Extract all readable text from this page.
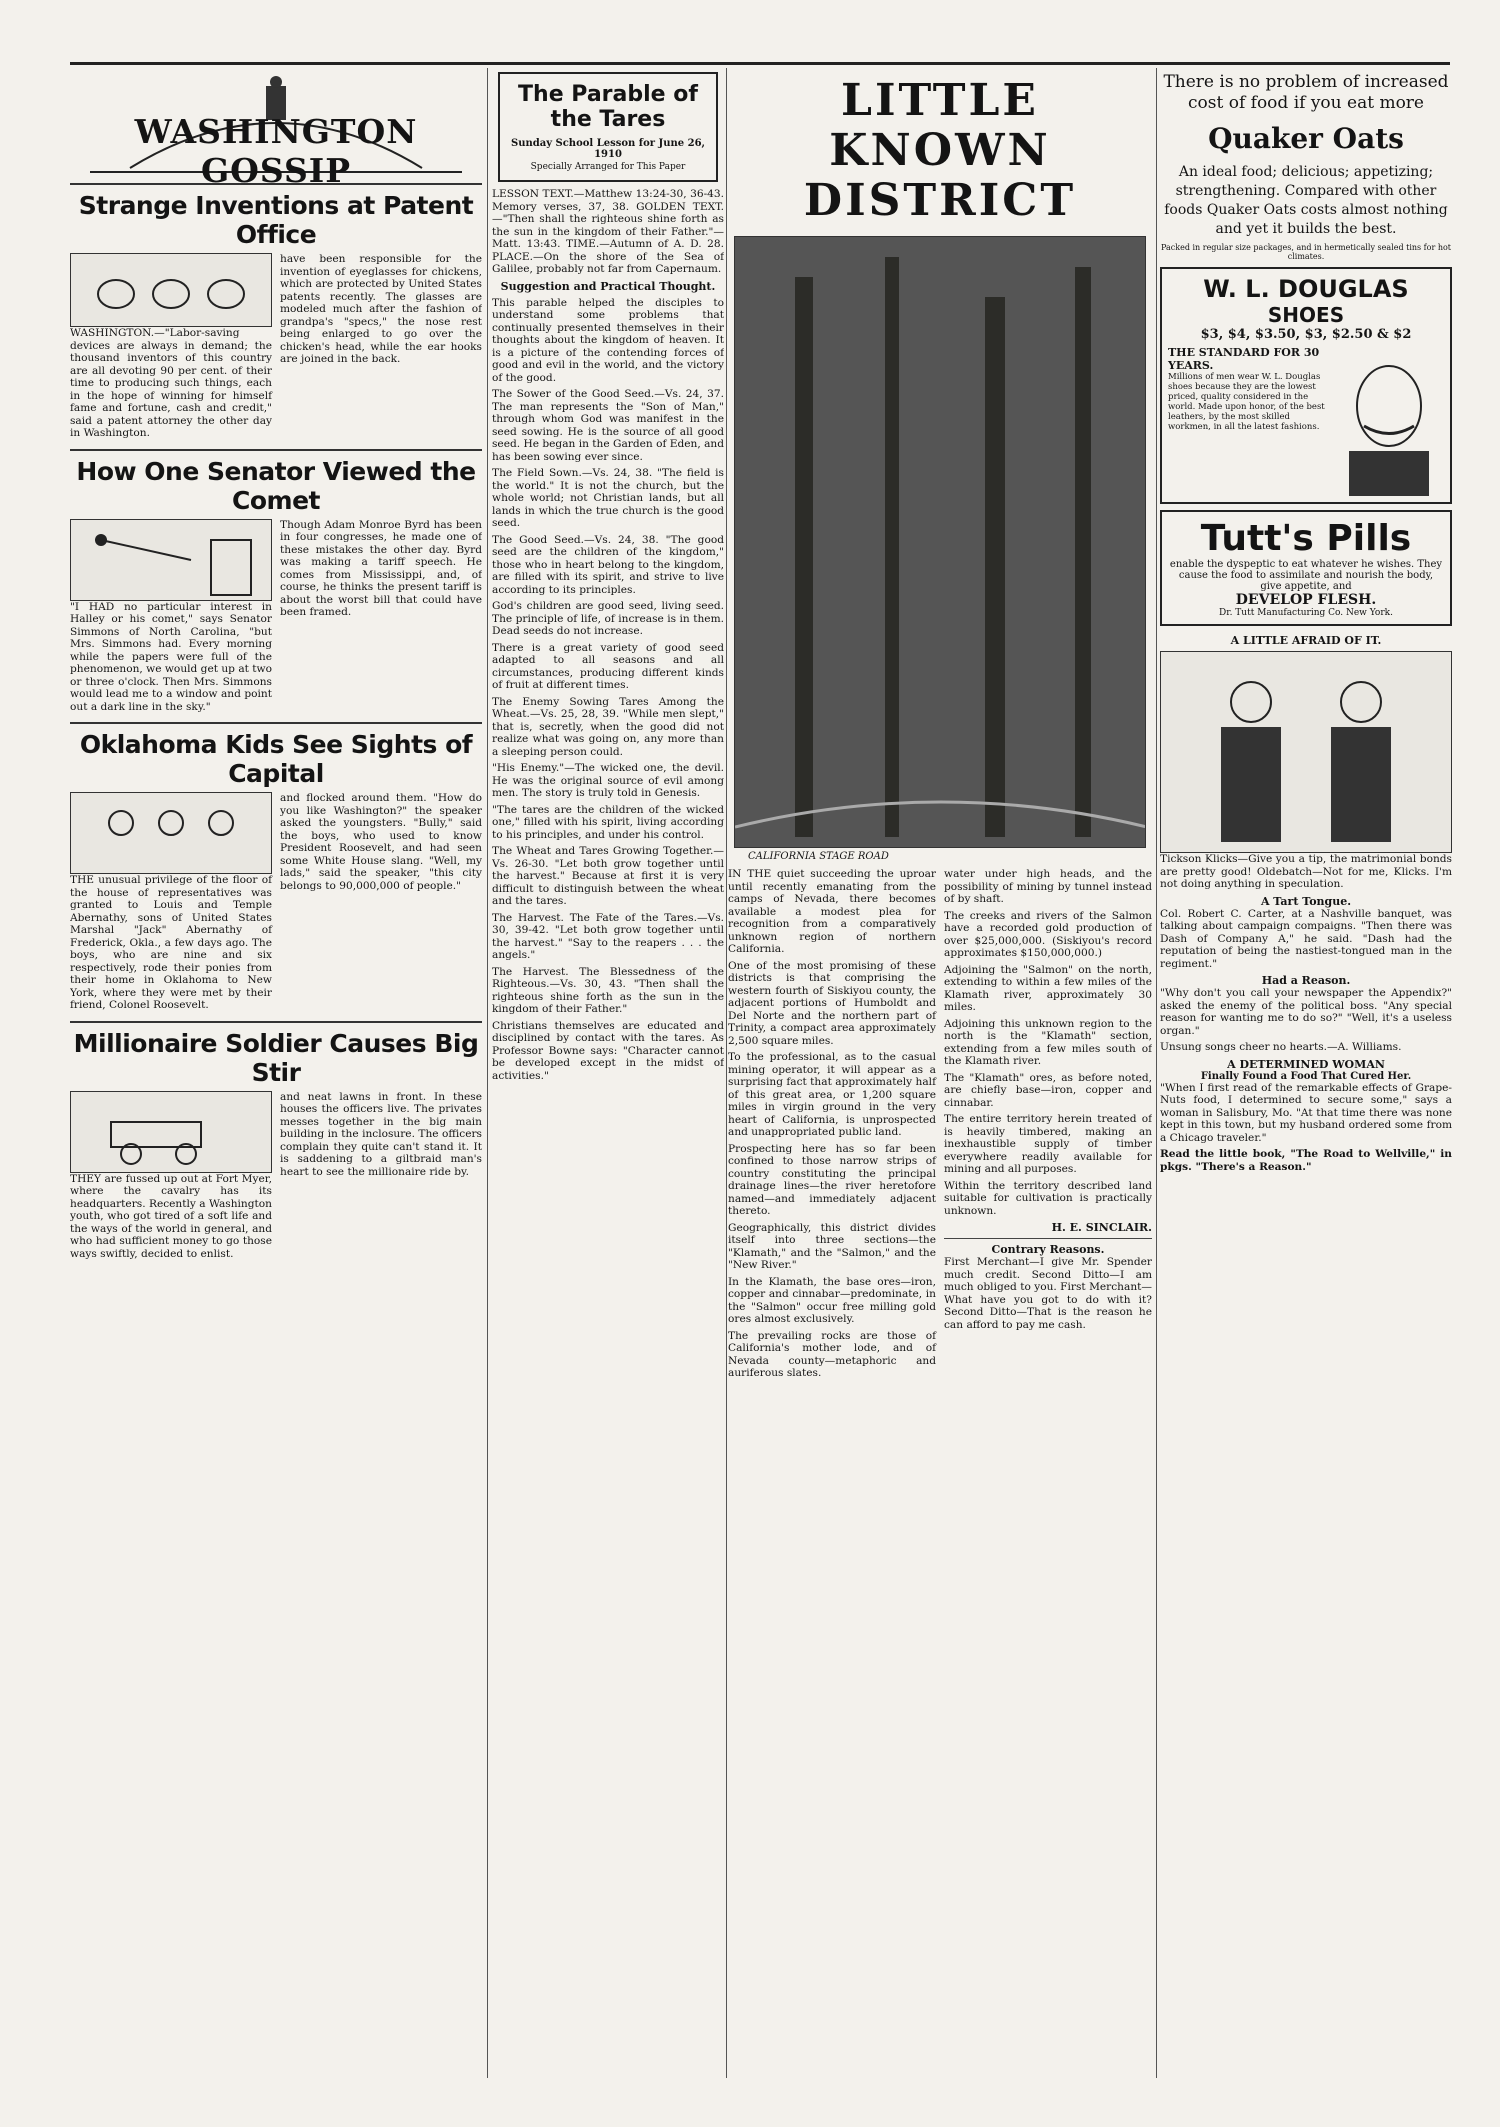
WASHINGTON GOSSIP
Strange Inventions at Patent Office

WASHINGTON.—"Labor-saving devices are always in demand; the thousand inventors of this country are all devoting 90 per cent. of their time to producing such things, each in the hope of winning for himself fame and fortune, cash and credit," said a patent attorney the other day in Washington.

have been responsible for the invention of eyeglasses for chickens, which are protected by United States patents recently. The glasses are modeled much after the fashion of grandpa's "specs," the nose rest being enlarged to go over the chicken's head, while the ear hooks are joined in the back.

How One Senator Viewed the Comet

"I HAD no particular interest in Halley or his comet," says Senator Simmons of North Carolina, "but Mrs. Simmons had. Every morning while the papers were full of the phenomenon, we would get up at two or three o'clock. Then Mrs. Simmons would lead me to a window and point out a dark line in the sky."

Though Adam Monroe Byrd has been in four congresses, he made one of these mistakes the other day. Byrd was making a tariff speech. He comes from Mississippi, and, of course, he thinks the present tariff is about the worst bill that could have been framed.

Oklahoma Kids See Sights of Capital

THE unusual privilege of the floor of the house of representatives was granted to Louis and Temple Abernathy, sons of United States Marshal "Jack" Abernathy of Frederick, Okla., a few days ago. The boys, who are nine and six respectively, rode their ponies from their home in Oklahoma to New York, where they were met by their friend, Colonel Roosevelt.

and flocked around them. "How do you like Washington?" the speaker asked the youngsters. "Bully," said the boys, who used to know President Roosevelt, and had seen some White House slang. "Well, my lads," said the speaker, "this city belongs to 90,000,000 of people."

Millionaire Soldier Causes Big Stir

THEY are fussed up out at Fort Myer, where the cavalry has its headquarters. Recently a Washington youth, who got tired of a soft life and the ways of the world in general, and who had sufficient money to go those ways swiftly, decided to enlist.

and neat lawns in front. In these houses the officers live. The privates messes together in the big main building in the inclosure. The officers complain they quite can't stand it. It is saddening to a giltbraid man's heart to see the millionaire ride by.

The Parable of the Tares
Sunday School Lesson for June 26, 1910
Specially Arranged for This Paper

LESSON TEXT.—Matthew 13:24-30, 36-43. Memory verses, 37, 38. GOLDEN TEXT.—"Then shall the righteous shine forth as the sun in the kingdom of their Father."—Matt. 13:43. TIME.—Autumn of A. D. 28. PLACE.—On the shore of the Sea of Galilee, probably not far from Capernaum.

Suggestion and Practical Thought.

This parable helped the disciples to understand some problems that continually presented themselves in their thoughts about the kingdom of heaven. It is a picture of the contending forces of good and evil in the world, and the victory of the good.

The Sower of the Good Seed.—Vs. 24, 37. The man represents the "Son of Man," through whom God was manifest in the seed sowing. He is the source of all good seed. He began in the Garden of Eden, and has been sowing ever since.

The Field Sown.—Vs. 24, 38. "The field is the world." It is not the church, but the whole world; not Christian lands, but all lands in which the true church is the good seed.

The Good Seed.—Vs. 24, 38. "The good seed are the children of the kingdom," those who in heart belong to the kingdom, are filled with its spirit, and strive to live according to its principles.

God's children are good seed, living seed. The principle of life, of increase is in them. Dead seeds do not increase.

There is a great variety of good seed adapted to all seasons and all circumstances, producing different kinds of fruit at different times.

The Enemy Sowing Tares Among the Wheat.—Vs. 25, 28, 39. "While men slept," that is, secretly, when the good did not realize what was going on, any more than a sleeping person could.

"His Enemy."—The wicked one, the devil. He was the original source of evil among men. The story is truly told in Genesis.

"The tares are the children of the wicked one," filled with his spirit, living according to his principles, and under his control.

The Wheat and Tares Growing Together.—Vs. 26-30. "Let both grow together until the harvest." Because at first it is very difficult to distinguish between the wheat and the tares.

The Harvest. The Fate of the Tares.—Vs. 30, 39-42. "Let both grow together until the harvest." "Say to the reapers . . . the angels."

The Harvest. The Blessedness of the Righteous.—Vs. 30, 43. "Then shall the righteous shine forth as the sun in the kingdom of their Father."

Christians themselves are educated and disciplined by contact with the tares. As Professor Bowne says: "Character cannot be developed except in the midst of activities."

LITTLE KNOWN DISTRICT
CALIFORNIA STAGE ROAD

IN THE quiet succeeding the uproar until recently emanating from the camps of Nevada, there becomes available a modest plea for recognition from a comparatively unknown region of northern California.

One of the most promising of these districts is that comprising the western fourth of Siskiyou county, the adjacent portions of Humboldt and Del Norte and the northern part of Trinity, a compact area approximately 2,500 square miles.

To the professional, as to the casual mining operator, it will appear as a surprising fact that approximately half of this great area, or 1,200 square miles in virgin ground in the very heart of California, is unprospected and unappropriated public land.

Prospecting here has so far been confined to those narrow strips of country constituting the principal drainage lines—the river heretofore named—and immediately adjacent thereto.

Geographically, this district divides itself into three sections—the "Klamath," and the "Salmon," and the "New River."

In the Klamath, the base ores—iron, copper and cinnabar—predominate, in the "Salmon" occur free milling gold ores almost exclusively.

The prevailing rocks are those of California's mother lode, and of Nevada county—metaphoric and auriferous slates.

water under high heads, and the possibility of mining by tunnel instead of by shaft.

The creeks and rivers of the Salmon have a recorded gold production of over $25,000,000. (Siskiyou's record approximates $150,000,000.)

Adjoining the "Salmon" on the north, extending to within a few miles of the Klamath river, approximately 30 miles.

Adjoining this unknown region to the north is the "Klamath" section, extending from a few miles south of the Klamath river.

The "Klamath" ores, as before noted, are chiefly base—iron, copper and cinnabar.

The entire territory herein treated of is heavily timbered, making an inexhaustible supply of timber everywhere readily available for mining and all purposes.

Within the territory described land suitable for cultivation is practically unknown.

H. E. SINCLAIR.
Contrary Reasons.

First Merchant—I give Mr. Spender much credit. Second Ditto—I am much obliged to you. First Merchant—What have you got to do with it? Second Ditto—That is the reason he can afford to pay me cash.

There is no problem of increased cost of food if you eat more
Quaker Oats
An ideal food; delicious; appetizing; strengthening. Compared with other foods Quaker Oats costs almost nothing and yet it builds the best.
Packed in regular size packages, and in hermetically sealed tins for hot climates.
W. L. DOUGLAS
SHOES
$3, $4, $3.50, $3, $2.50 & $2
THE STANDARD FOR 30 YEARS.
Millions of men wear W. L. Douglas shoes because they are the lowest priced, quality considered in the world. Made upon honor, of the best leathers, by the most skilled workmen, in all the latest fashions.
Tutt's Pills
enable the dyspeptic to eat whatever he wishes. They cause the food to assimilate and nourish the body, give appetite, and
DEVELOP FLESH.
Dr. Tutt Manufacturing Co. New York.
A LITTLE AFRAID OF IT.

Tickson Klicks—Give you a tip, the matrimonial bonds are pretty good! Oldebatch—Not for me, Klicks. I'm not doing anything in speculation.

A Tart Tongue.

Col. Robert C. Carter, at a Nashville banquet, was talking about campaign compaigns. "Then there was Dash of Company A," he said. "Dash had the reputation of being the nastiest-tongued man in the regiment."

Had a Reason.

"Why don't you call your newspaper the Appendix?" asked the enemy of the political boss. "Any special reason for wanting me to do so?" "Well, it's a useless organ."

Unsung songs cheer no hearts.—A. Williams.

A DETERMINED WOMAN
Finally Found a Food That Cured Her.

"When I first read of the remarkable effects of Grape-Nuts food, I determined to secure some," says a woman in Salisbury, Mo. "At that time there was none kept in this town, but my husband ordered some from a Chicago traveler."

Read the little book, "The Road to Wellville," in pkgs. "There's a Reason."
